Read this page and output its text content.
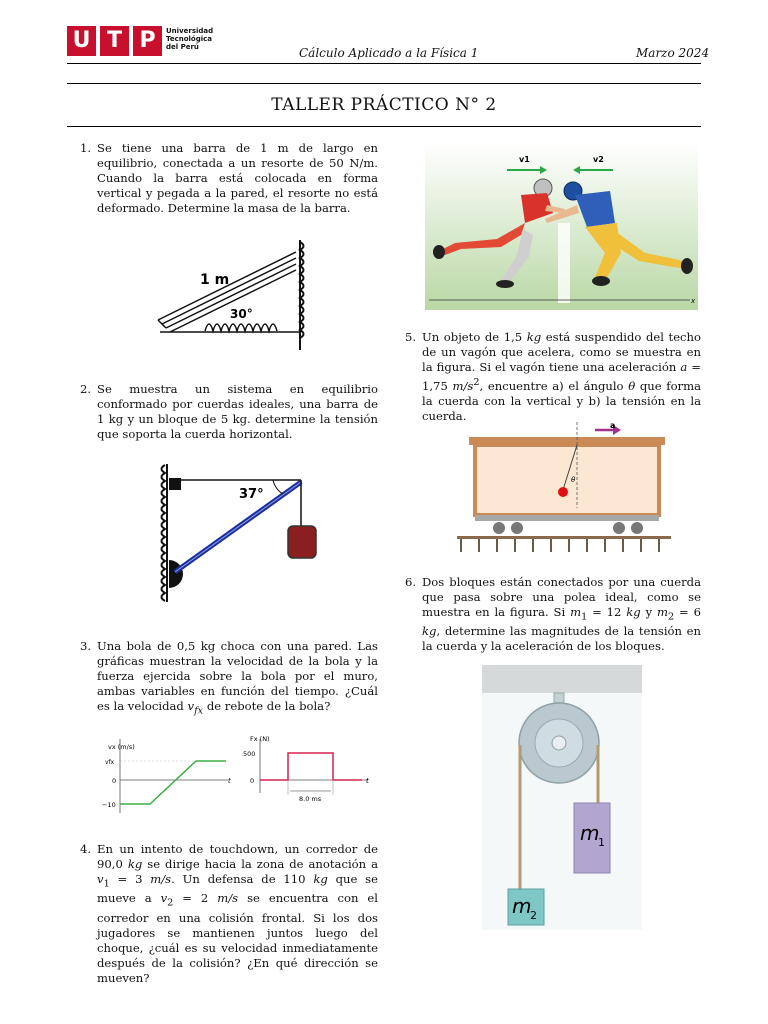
U T P	Universidad
Tecnológica
del Perú	Cálculo Aplicado a la Física 1	Marzo 2024
TALLER PRÁCTICO N° 2
1. Se tiene una barra de 1 m de largo en equilibrio, conectada a un resorte de 50 N/m. Cuando la barra está colocada en forma vertical y pegada a la pared, el resorte no está deformado. Determine la masa de la barra.
1 m
30°
2. Se muestra un sistema en equilibrio conformado por cuerdas ideales, una barra de 1 kg y un bloque de 5 kg. determine la tensión que soporta la cuerda horizontal.
37°
3. Una bola de 0,5 kg choca con una pared. Las gráficas muestran la velocidad de la bola y la fuerza ejercida sobre la bola por el muro, ambas variables en función del tiempo. ¿Cuál es la velocidad $v_{fx}$ de rebote de la bola?
vx (m/s)
vfx
0
−10
t
Fx (N)
500
0	t
8.0 ms
4. En un intento de touchdown, un corredor de 90,0 kg se dirige hacia la zona de anotación a $v_1 = 3$ m/s. Un defensa de 110 kg que se mueve a $v_2 = 2$ m/s se encuentra con el corredor en una colisión frontal. Si los dos jugadores se mantienen juntos luego del choque, ¿cuál es su velocidad inmediatamente después de la colisión? ¿En qué dirección se mueven?
x
v1	v2
5. Un objeto de 1,5 kg está suspendido del techo de un vagón que acelera, como se muestra en la figura. Si el vagón tiene una aceleración a = 1,75 $m/s^2$, encuentre a) el ángulo θ que forma la cuerda con la vertical y b) la tensión en la cuerda.
a
θ
6. Dos bloques están conectados por una cuerda que pasa sobre una polea ideal, como se muestra en la figura. Si $m_1 = 12$ kg y $m_2 = 6$ kg, determine las magnitudes de la tensión en la cuerda y la aceleración de los bloques.
m
1
m
2
